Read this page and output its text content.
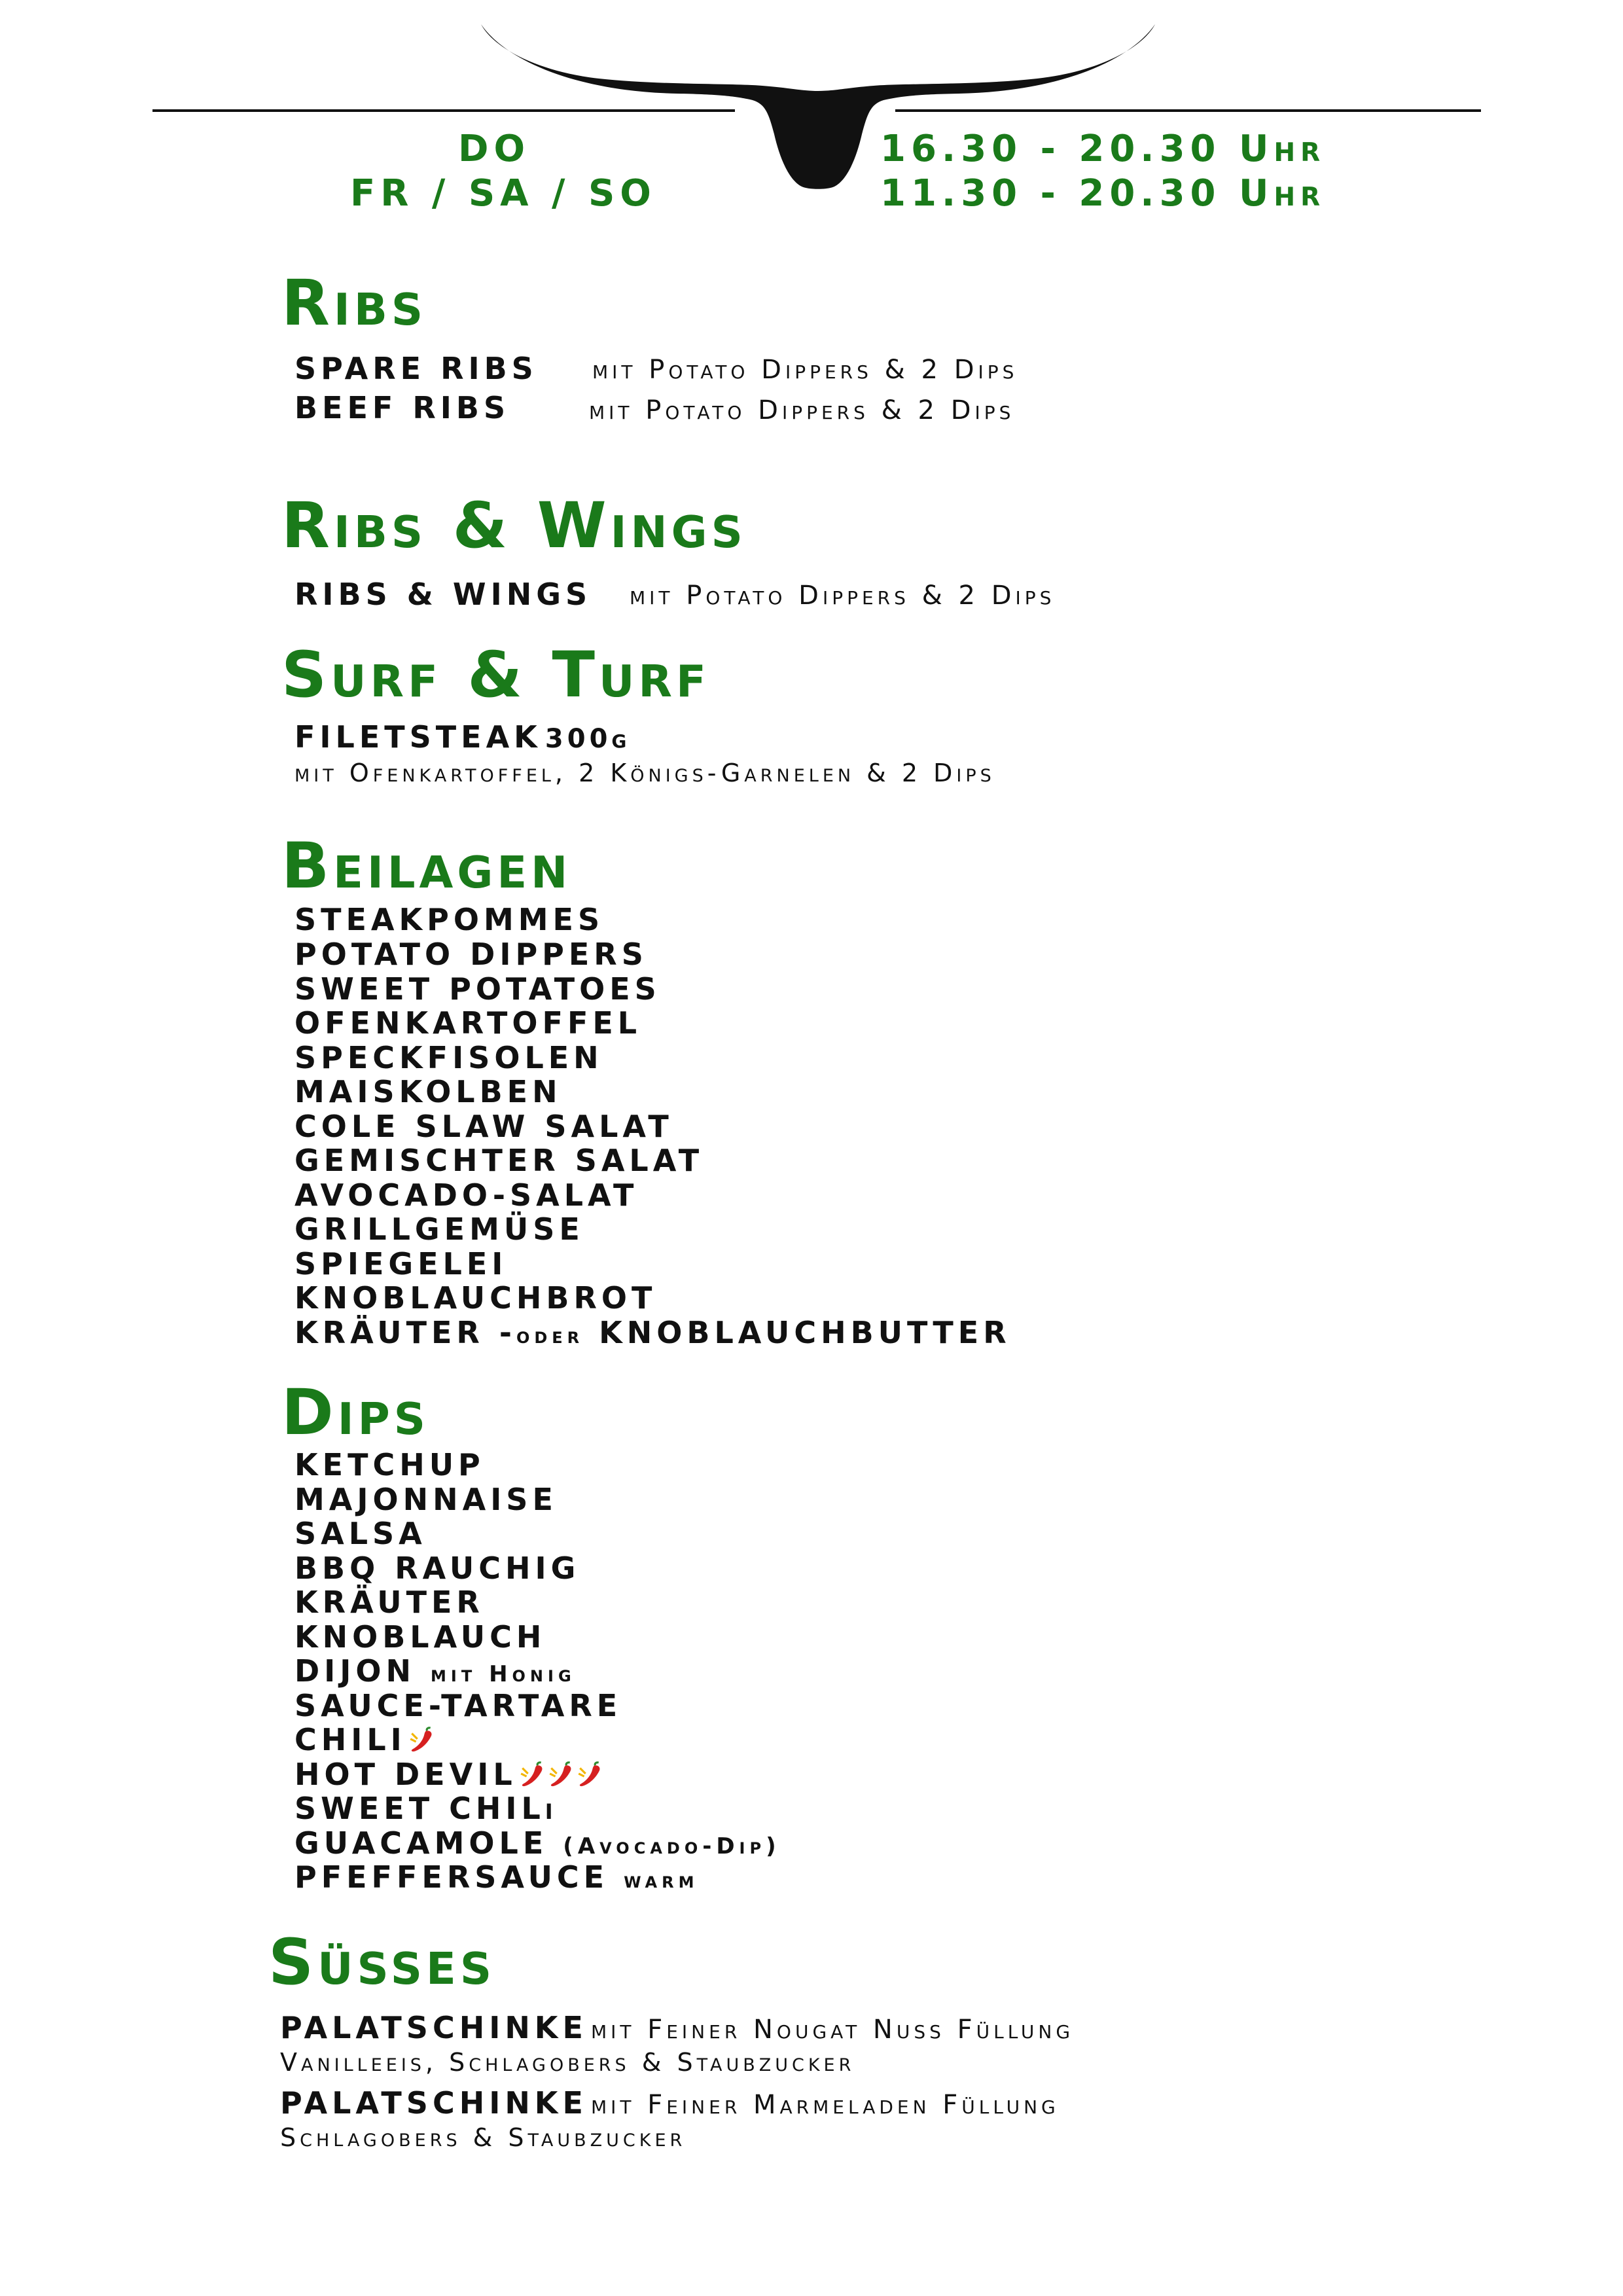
DO
FR / SA / SO
16.30 - 20.30 Uhr
11.30 - 20.30 Uhr
Ribs
SPARE RIBS mit Potato Dippers & 2 Dips
BEEF RIBS	mit Potato Dippers & 2 Dips
Ribs & Wings
RIBS & WINGS mit Potato Dippers & 2 Dips
Surf & Turf
FILETSTEAK 300g
mit Ofenkartoffel, 2 Königs-Garnelen & 2 Dips
Beilagen
STEAKPOMMES
POTATO DIPPERS
SWEET POTATOES
OFENKARTOFFEL
SPECKFISOLEN
MAISKOLBEN
COLE SLAW SALAT
GEMISCHTER SALAT
AVOCADO-SALAT
GRILLGEMÜSE
SPIEGELEI
KNOBLAUCHBROT
KRÄUTER -oder KNOBLAUCHBUTTER
Dips
KETCHUP
MAJONNAISE
SALSA
BBQ RAUCHIG
KRÄUTER
KNOBLAUCH
DIJON mit Honig
SAUCE-TARTARE
CHILI
HOT DEVIL
SWEET CHILi
GUACAMOLE (Avocado-Dip)
PFEFFERSAUCE warm
Süsses
PALATSCHINKE mit Feiner Nougat Nuss Füllung
Vanilleeis, Schlagobers & Staubzucker
PALATSCHINKE mit Feiner Marmeladen Füllung
Schlagobers & Staubzucker
